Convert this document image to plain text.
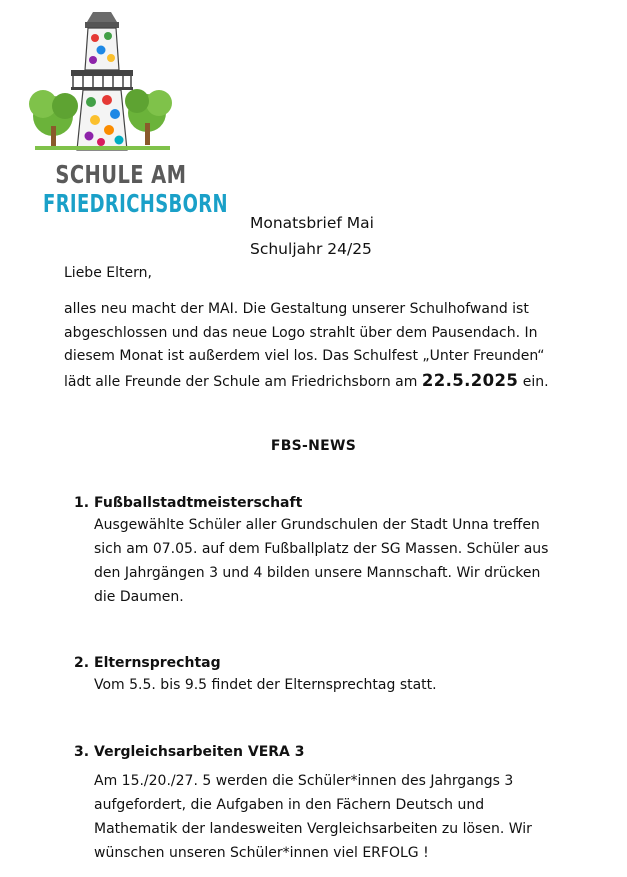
SCHULE AM
FRIEDRICHSBORN
Monatsbrief Mai
Schuljahr 24/25
Liebe Eltern,
alles neu macht der MAI. Die Gestaltung unserer Schulhofwand ist
abgeschlossen und das neue Logo strahlt über dem Pausendach. In
diesem Monat ist außerdem viel los. Das Schulfest „Unter Freunden“
lädt alle Freunde der Schule am Friedrichsborn am 22.5.2025 ein.
FBS-NEWS
1. Fußballstadtmeisterschaft
Ausgewählte Schüler aller Grundschulen der Stadt Unna treffen
sich am 07.05. auf dem Fußballplatz der SG Massen. Schüler aus
den Jahrgängen 3 und 4 bilden unsere Mannschaft. Wir drücken
die Daumen.
2. Elternsprechtag
Vom 5.5. bis 9.5 findet der Elternsprechtag statt.
3. Vergleichsarbeiten VERA 3
Am 15./20./27. 5 werden die Schüler*innen des Jahrgangs 3
aufgefordert, die Aufgaben in den Fächern Deutsch und
Mathematik der landesweiten Vergleichsarbeiten zu lösen. Wir
wünschen unseren Schüler*innen viel ERFOLG !
